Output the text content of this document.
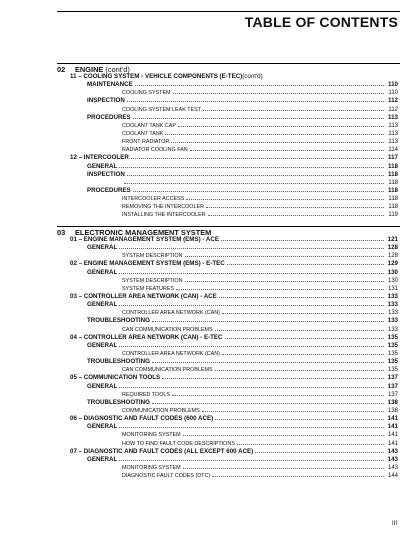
TABLE OF CONTENTS
02 ENGINE (cont'd)
11 – COOLING SYSTEM - VEHICLE COMPONENTS (E-TEC) (cont'd)
MAINTENANCE	110
COOLING SYSTEM	110
INSPECTION	112
COOLING SYSTEM LEAK TEST	112
PROCEDURES	113
COOLANT TANK CAP	113
COOLANT TANK	113
FRONT RADIATOR	113
RADIATOR COOLING FAN	114
12 – INTERCOOLER	117
GENERAL	118
INSPECTION	118
118
PROCEDURES	118
INTERCOOLER ACCESS	118
REMOVING THE INTERCOOLER	118
INSTALLING THE INTERCOOLER	119
03 ELECTRONIC MANAGEMENT SYSTEM
01 – ENGINE MANAGEMENT SYSTEM (EMS) - ACE	121
GENERAL	128
SYSTEM DESCRIPTION	128
02 – ENGINE MANAGEMENT SYSTEM (EMS) - E-TEC	129
GENERAL	130
SYSTEM DESCRIPTION	130
SYSTEM FEATURES	131
03 – CONTROLLER AREA NETWORK (CAN) - ACE	133
GENERAL	133
CONTROLLER AREA NETWORK (CAN)	133
TROUBLESHOOTING	133
CAN COMMUNICATION PROBLEMS	133
04 – CONTROLLER AREA NETWORK (CAN) - E-TEC	135
GENERAL	135
CONTROLLER AREA NETWORK (CAN)	135
TROUBLESHOOTING	135
CAN COMMUNICATION PROBLEMS	135
05 – COMMUNICATION TOOLS	137
GENERAL	137
REQUIRED TOOLS	137
TROUBLESHOOTING	138
COMMUNICATION PROBLEMS	138
06 – DIAGNOSTIC AND FAULT CODES (600 ACE)	141
GENERAL	141
MONITORING SYSTEM	141
HOW TO FIND FAULT CODE DESCRIPTIONS	141
07 – DIAGNOSTIC AND FAULT CODES (ALL EXCEPT 600 ACE)	143
GENERAL	143
MONITORING SYSTEM	143
DIAGNOSTIC FAULT CODES (DTC)	144
III
